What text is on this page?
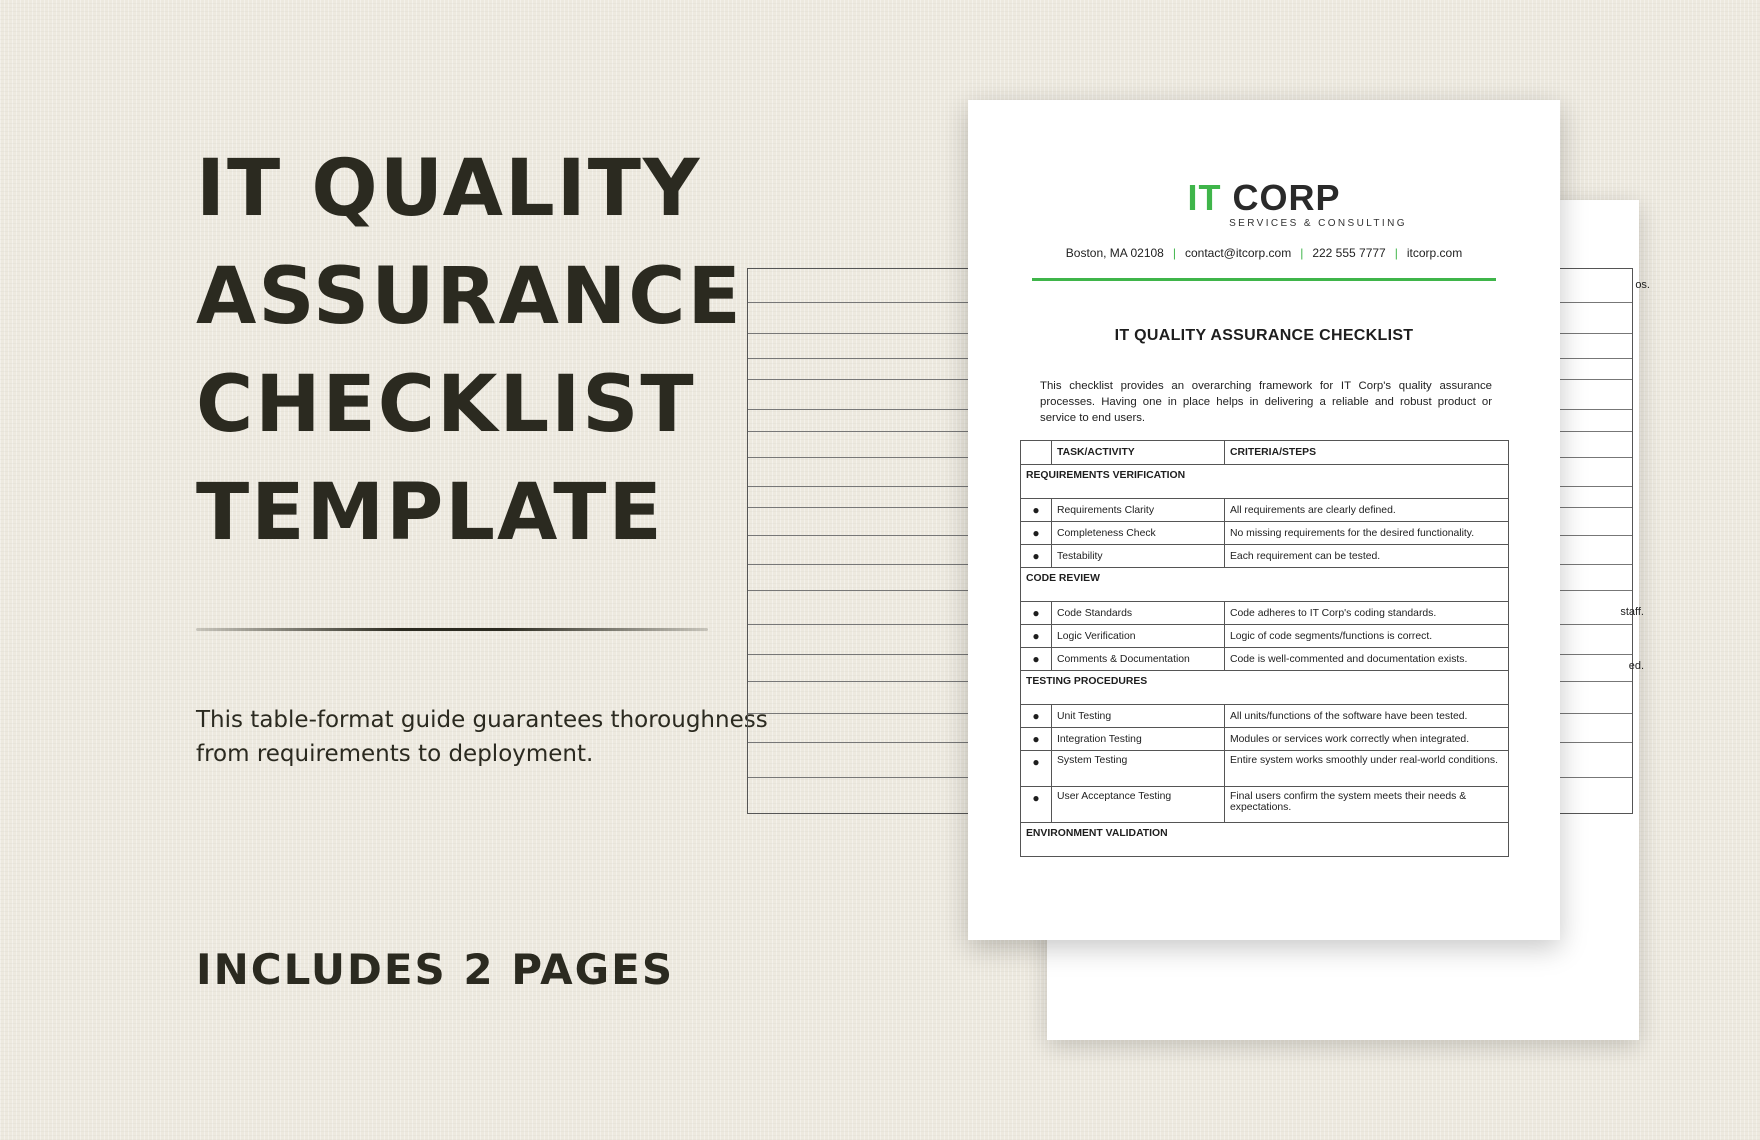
IT QUALITY
ASSURANCE
CHECKLIST
TEMPLATE

This table-format guide guarantees thoroughness from requirements to deployment.

INCLUDES 2 PAGES

os.
staff.
ed.
IT CORP
SERVICES & CONSULTING
Boston, MA 02108 | contact@itcorp.com | 222 555 7777 | itcorp.com
IT QUALITY ASSURANCE CHECKLIST

This checklist provides an overarching framework for IT Corp's quality assurance processes. Having one in place helps in delivering a reliable and robust product or service to end users.

	TASK/ACTIVITY	CRITERIA/STEPS
REQUIREMENTS VERIFICATION		
●	Requirements Clarity	All requirements are clearly defined.
●	Completeness Check	No missing requirements for the desired functionality.
●	Testability	Each requirement can be tested.
CODE REVIEW		
●	Code Standards	Code adheres to IT Corp's coding standards.
●	Logic Verification	Logic of code segments/functions is correct.
●	Comments & Documentation	Code is well-commented and documentation exists.
TESTING PROCEDURES		
●	Unit Testing	All units/functions of the software have been tested.
●	Integration Testing	Modules or services work correctly when integrated.
●	System Testing	Entire system works smoothly under real-world conditions.
●	User Acceptance Testing	Final users confirm the system meets their needs & expectations.
ENVIRONMENT VALIDATION		
